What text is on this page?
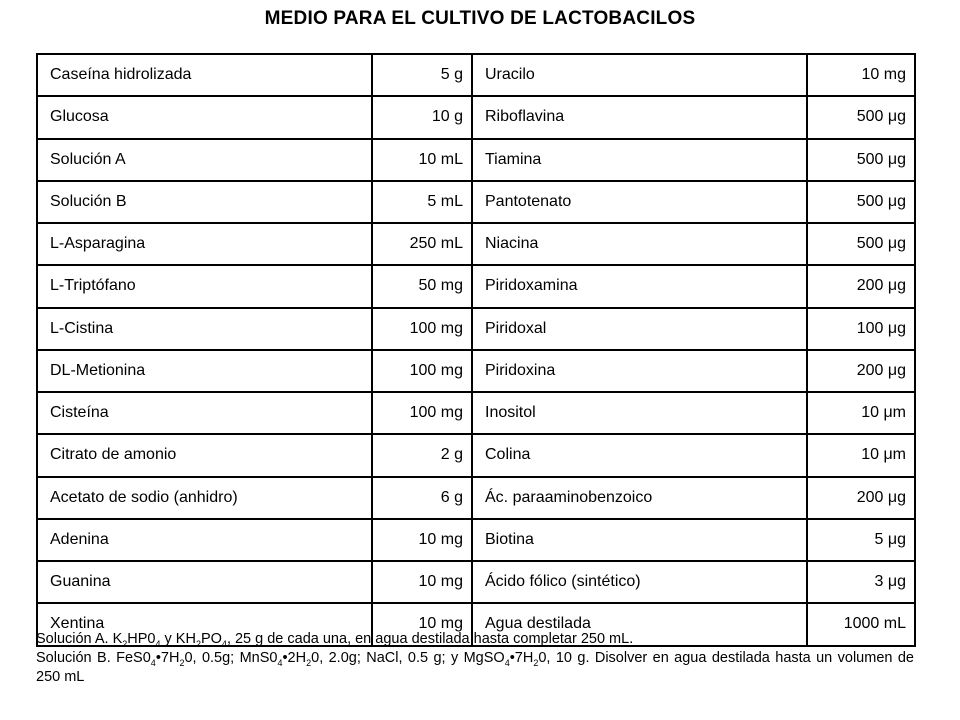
MEDIO PARA EL CULTIVO DE LACTOBACILOS
Caseína hidrolizada	5 g	Uracilo	10 mg
Glucosa	10 g	Riboflavina	500 μg
Solución A	10 mL	Tiamina	500 μg
Solución B	5 mL	Pantotenato	500 μg
L-Asparagina	250 mL	Niacina	500 μg
L-Triptófano	50 mg	Piridoxamina	200 μg
L-Cistina	100 mg	Piridoxal	100 μg
DL-Metionina	100 mg	Piridoxina	200 μg
Cisteína	100 mg	Inositol	10 μm
Citrato de amonio	2 g	Colina	10 μm
Acetato de sodio (anhidro)	6 g	Ác. paraaminobenzoico	200 μg
Adenina	10 mg	Biotina	5 μg
Guanina	10 mg	Ácido fólico (sintético)	3 μg
Xentina	10 mg	Agua destilada	1000 mL

Solución A. $K_2HP0_4$ y $KH_2PO_4$, 25 g de cada una, en agua destilada hasta completar 250 mL.

Solución B. $FeS0_4•7H_20$, 0.5g; $MnS0_4•2H_20$, 2.0g; NaCl, 0.5 g; y $MgSO_4•7H_20$, 10 g. Disolver en agua destilada hasta un volumen de 250 mL
